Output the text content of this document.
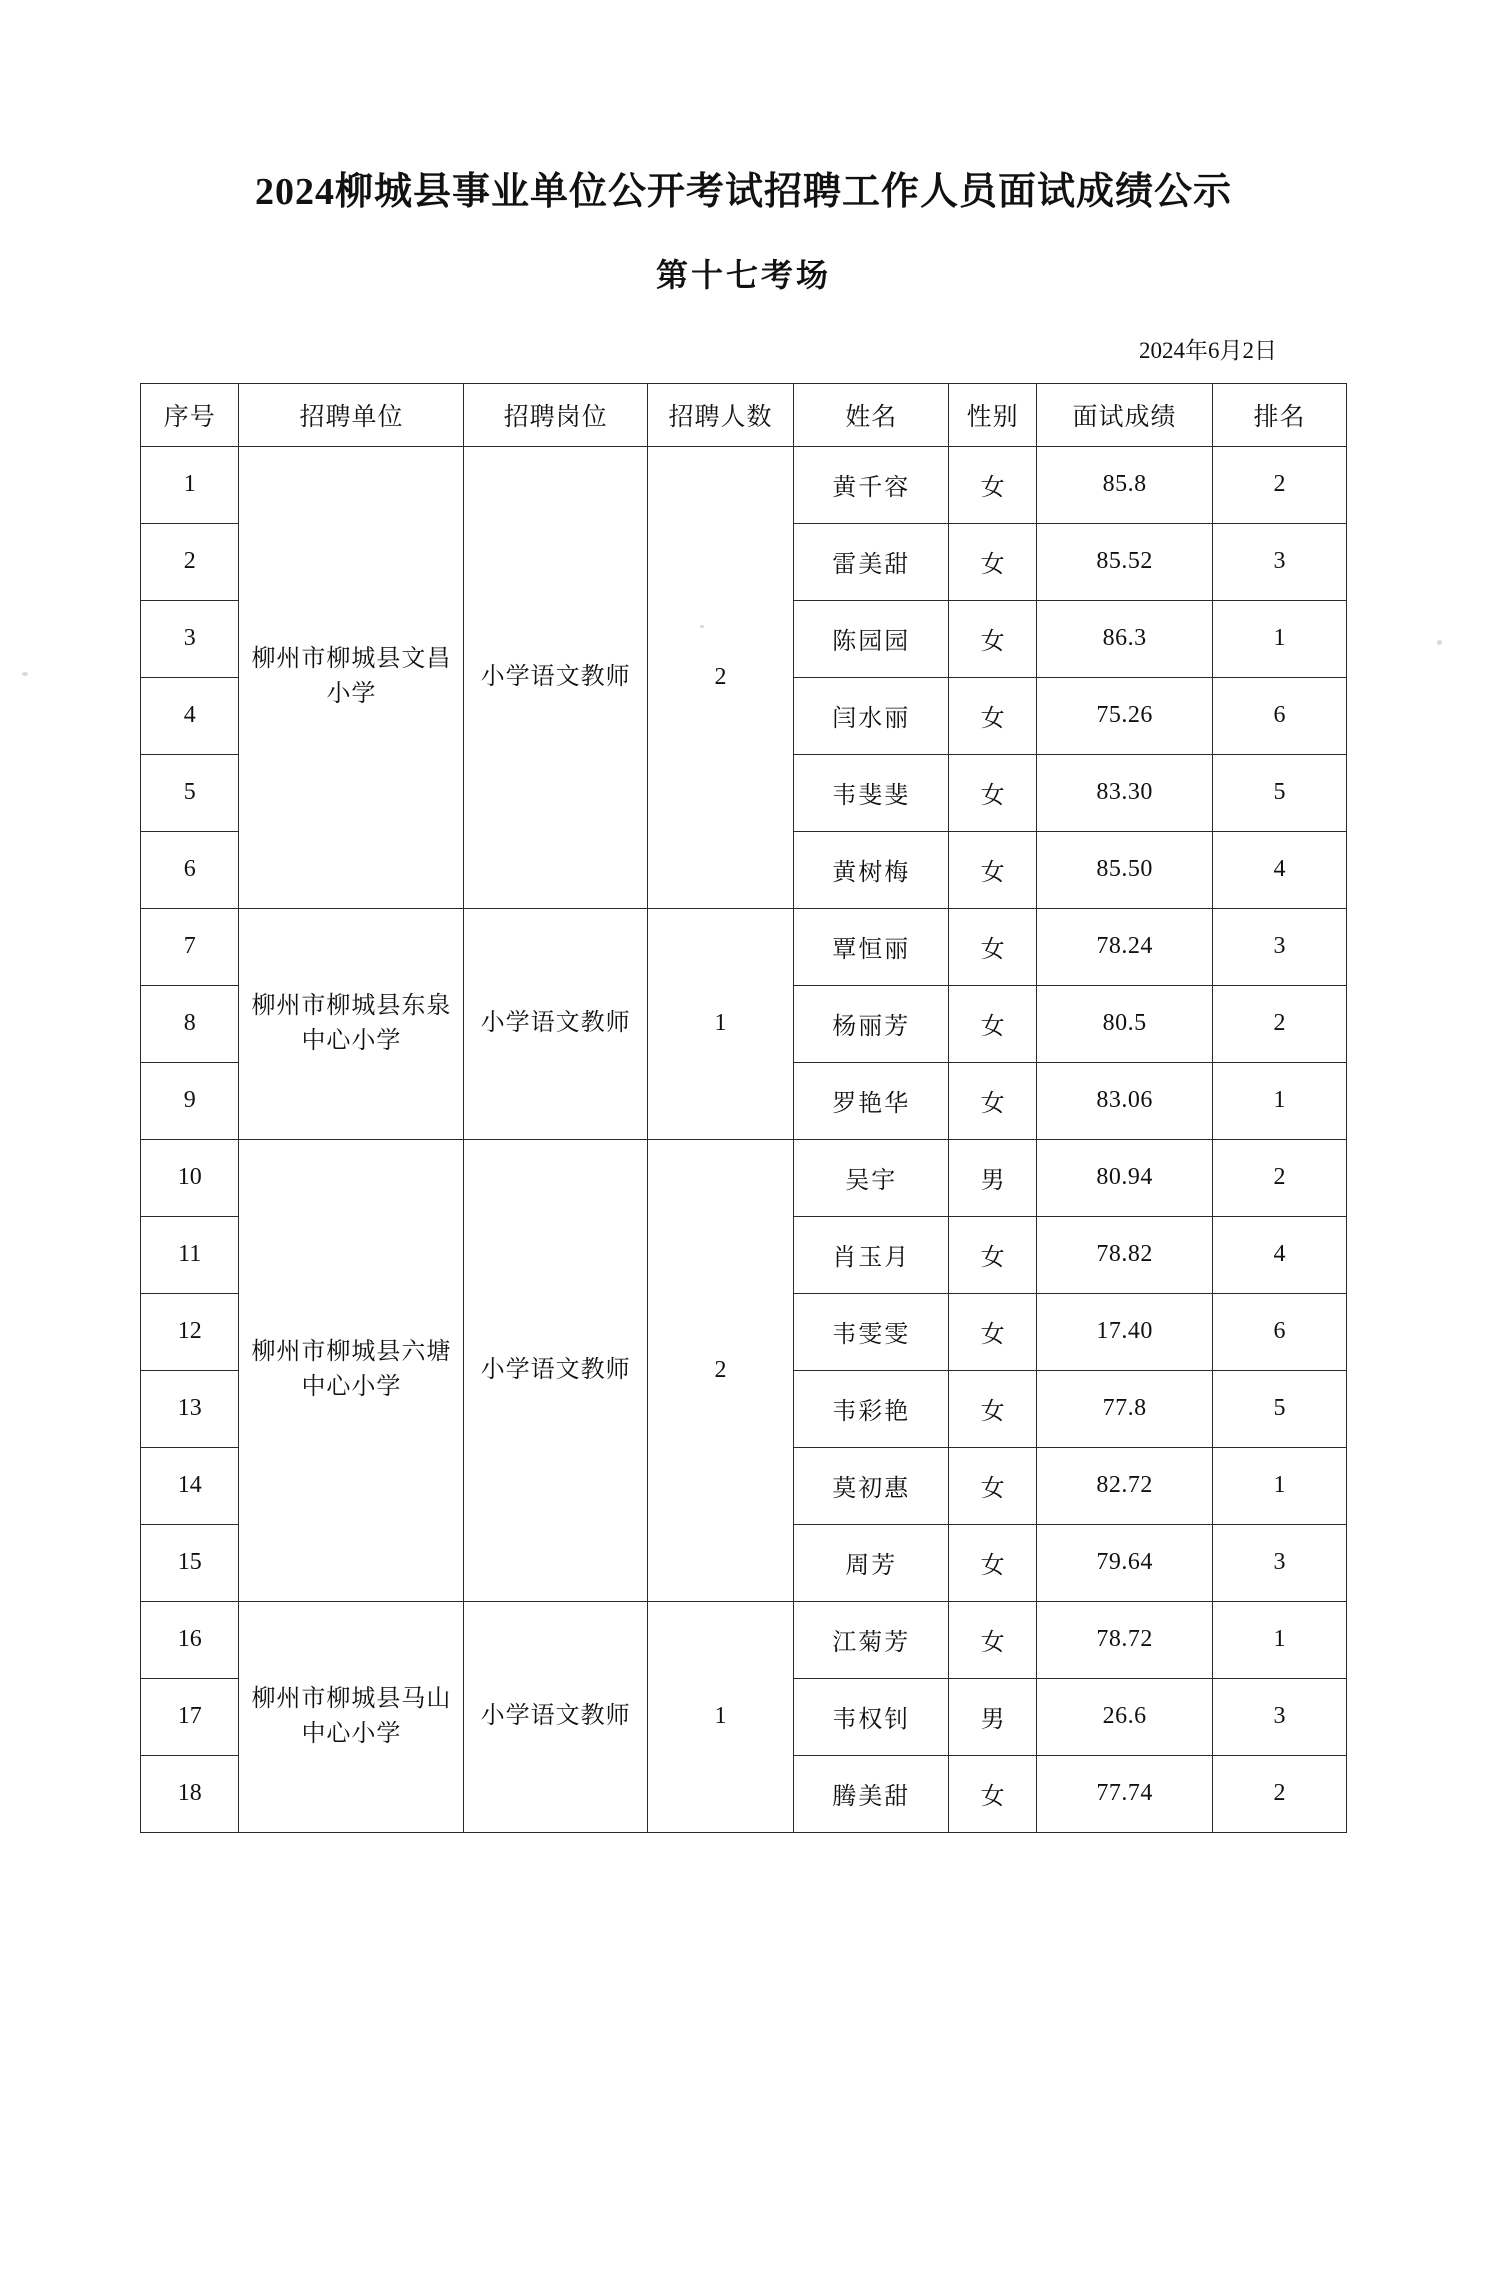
2024柳城县事业单位公开考试招聘工作人员面试成绩公示
第十七考场
2024年6月2日
序号	招聘单位	招聘岗位	招聘人数	姓名	性别	面试成绩	排名
1	柳州市柳城县文昌小学	小学语文教师	2	黄千容	女	85.8	2
2				雷美甜	女	85.52	3
3				陈园园	女	86.3	1
4				闫水丽	女	75.26	6
5				韦斐斐	女	83.30	5
6				黄树梅	女	85.50	4
7	柳州市柳城县东泉中心小学	小学语文教师	1	覃恒丽	女	78.24	3
8				杨丽芳	女	80.5	2
9				罗艳华	女	83.06	1
10	柳州市柳城县六塘中心小学	小学语文教师	2	吴宇	男	80.94	2
11				肖玉月	女	78.82	4
12				韦雯雯	女	17.40	6
13				韦彩艳	女	77.8	5
14				莫初惠	女	82.72	1
15				周芳	女	79.64	3
16	柳州市柳城县马山中心小学	小学语文教师	1	江菊芳	女	78.72	1
17				韦权钊	男	26.6	3
18				腾美甜	女	77.74	2
